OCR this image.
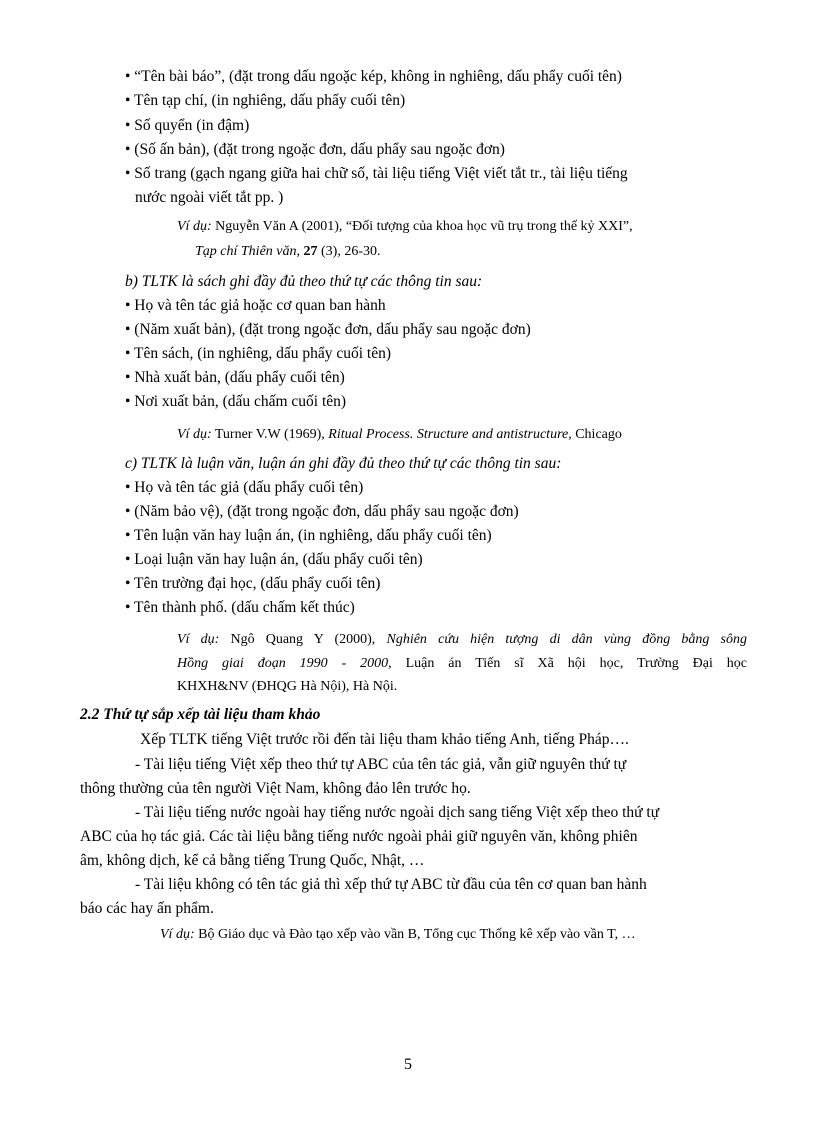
• “Tên bài báo”, (đặt trong dấu ngoặc kép, không in nghiêng, dấu phẩy cuối tên)
• Tên tạp chí, (in nghiêng, dấu phẩy cuối tên)
• Số quyển (in đậm)
• (Số ấn bản), (đặt trong ngoặc đơn, dấu phẩy sau ngoặc đơn)
• Số trang (gạch ngang giữa hai chữ số, tài liệu tiếng Việt viết tắt tr., tài liệu tiếng
nước ngoài viết tắt pp. )
Ví dụ: Nguyễn Văn A (2001), “Đối tượng của khoa học vũ trụ trong thế kỷ XXI”,
Tạp chí Thiên văn, 27 (3), 26-30.
b) TLTK là sách ghi đầy đủ theo thứ tự các thông tin sau:
• Họ và tên tác giả hoặc cơ quan ban hành
• (Năm xuất bản), (đặt trong ngoặc đơn, dấu phẩy sau ngoặc đơn)
• Tên sách, (in nghiêng, dấu phẩy cuối tên)
• Nhà xuất bản, (dấu phẩy cuối tên)
• Nơi xuất bản, (dấu chấm cuối tên)
Ví dụ: Turner V.W (1969), Ritual Process. Structure and antistructure, Chicago
c) TLTK là luận văn, luận án ghi đầy đủ theo thứ tự các thông tin sau:
• Họ và tên tác giả (dấu phẩy cuối tên)
• (Năm bảo vệ), (đặt trong ngoặc đơn, dấu phẩy sau ngoặc đơn)
• Tên luận văn hay luận án, (in nghiêng, dấu phẩy cuối tên)
• Loại luận văn hay luận án, (dấu phẩy cuối tên)
• Tên trường đại học, (dấu phẩy cuối tên)
• Tên thành phố. (dấu chấm kết thúc)
Ví dụ: Ngô Quang Y (2000), Nghiên cứu hiện tượng di dân vùng đồng bằng sông
Hồng giai đoạn 1990 - 2000, Luận án Tiến sĩ Xã hội học, Trường Đại học
KHXH&NV (ĐHQG Hà Nội), Hà Nội.
2.2 Thứ tự sắp xếp tài liệu tham khảo
Xếp TLTK tiếng Việt trước rồi đến tài liệu tham khảo tiếng Anh, tiếng Pháp….
- Tài liệu tiếng Việt xếp theo thứ tự ABC của tên tác giả, vẫn giữ nguyên thứ tự
thông thường của tên người Việt Nam, không đảo lên trước họ.
- Tài liệu tiếng nước ngoài hay tiếng nước ngoài dịch sang tiếng Việt xếp theo thứ tự
ABC của họ tác giả. Các tài liệu bằng tiếng nước ngoài phải giữ nguyên văn, không phiên
âm, không dịch, kể cả bằng tiếng Trung Quốc, Nhật, …
- Tài liệu không có tên tác giả thì xếp thứ tự ABC từ đầu của tên cơ quan ban hành
báo các hay ấn phẩm.
Ví dụ: Bộ Giáo dục và Đào tạo xếp vào vần B, Tổng cục Thống kê xếp vào vần T, …
5
